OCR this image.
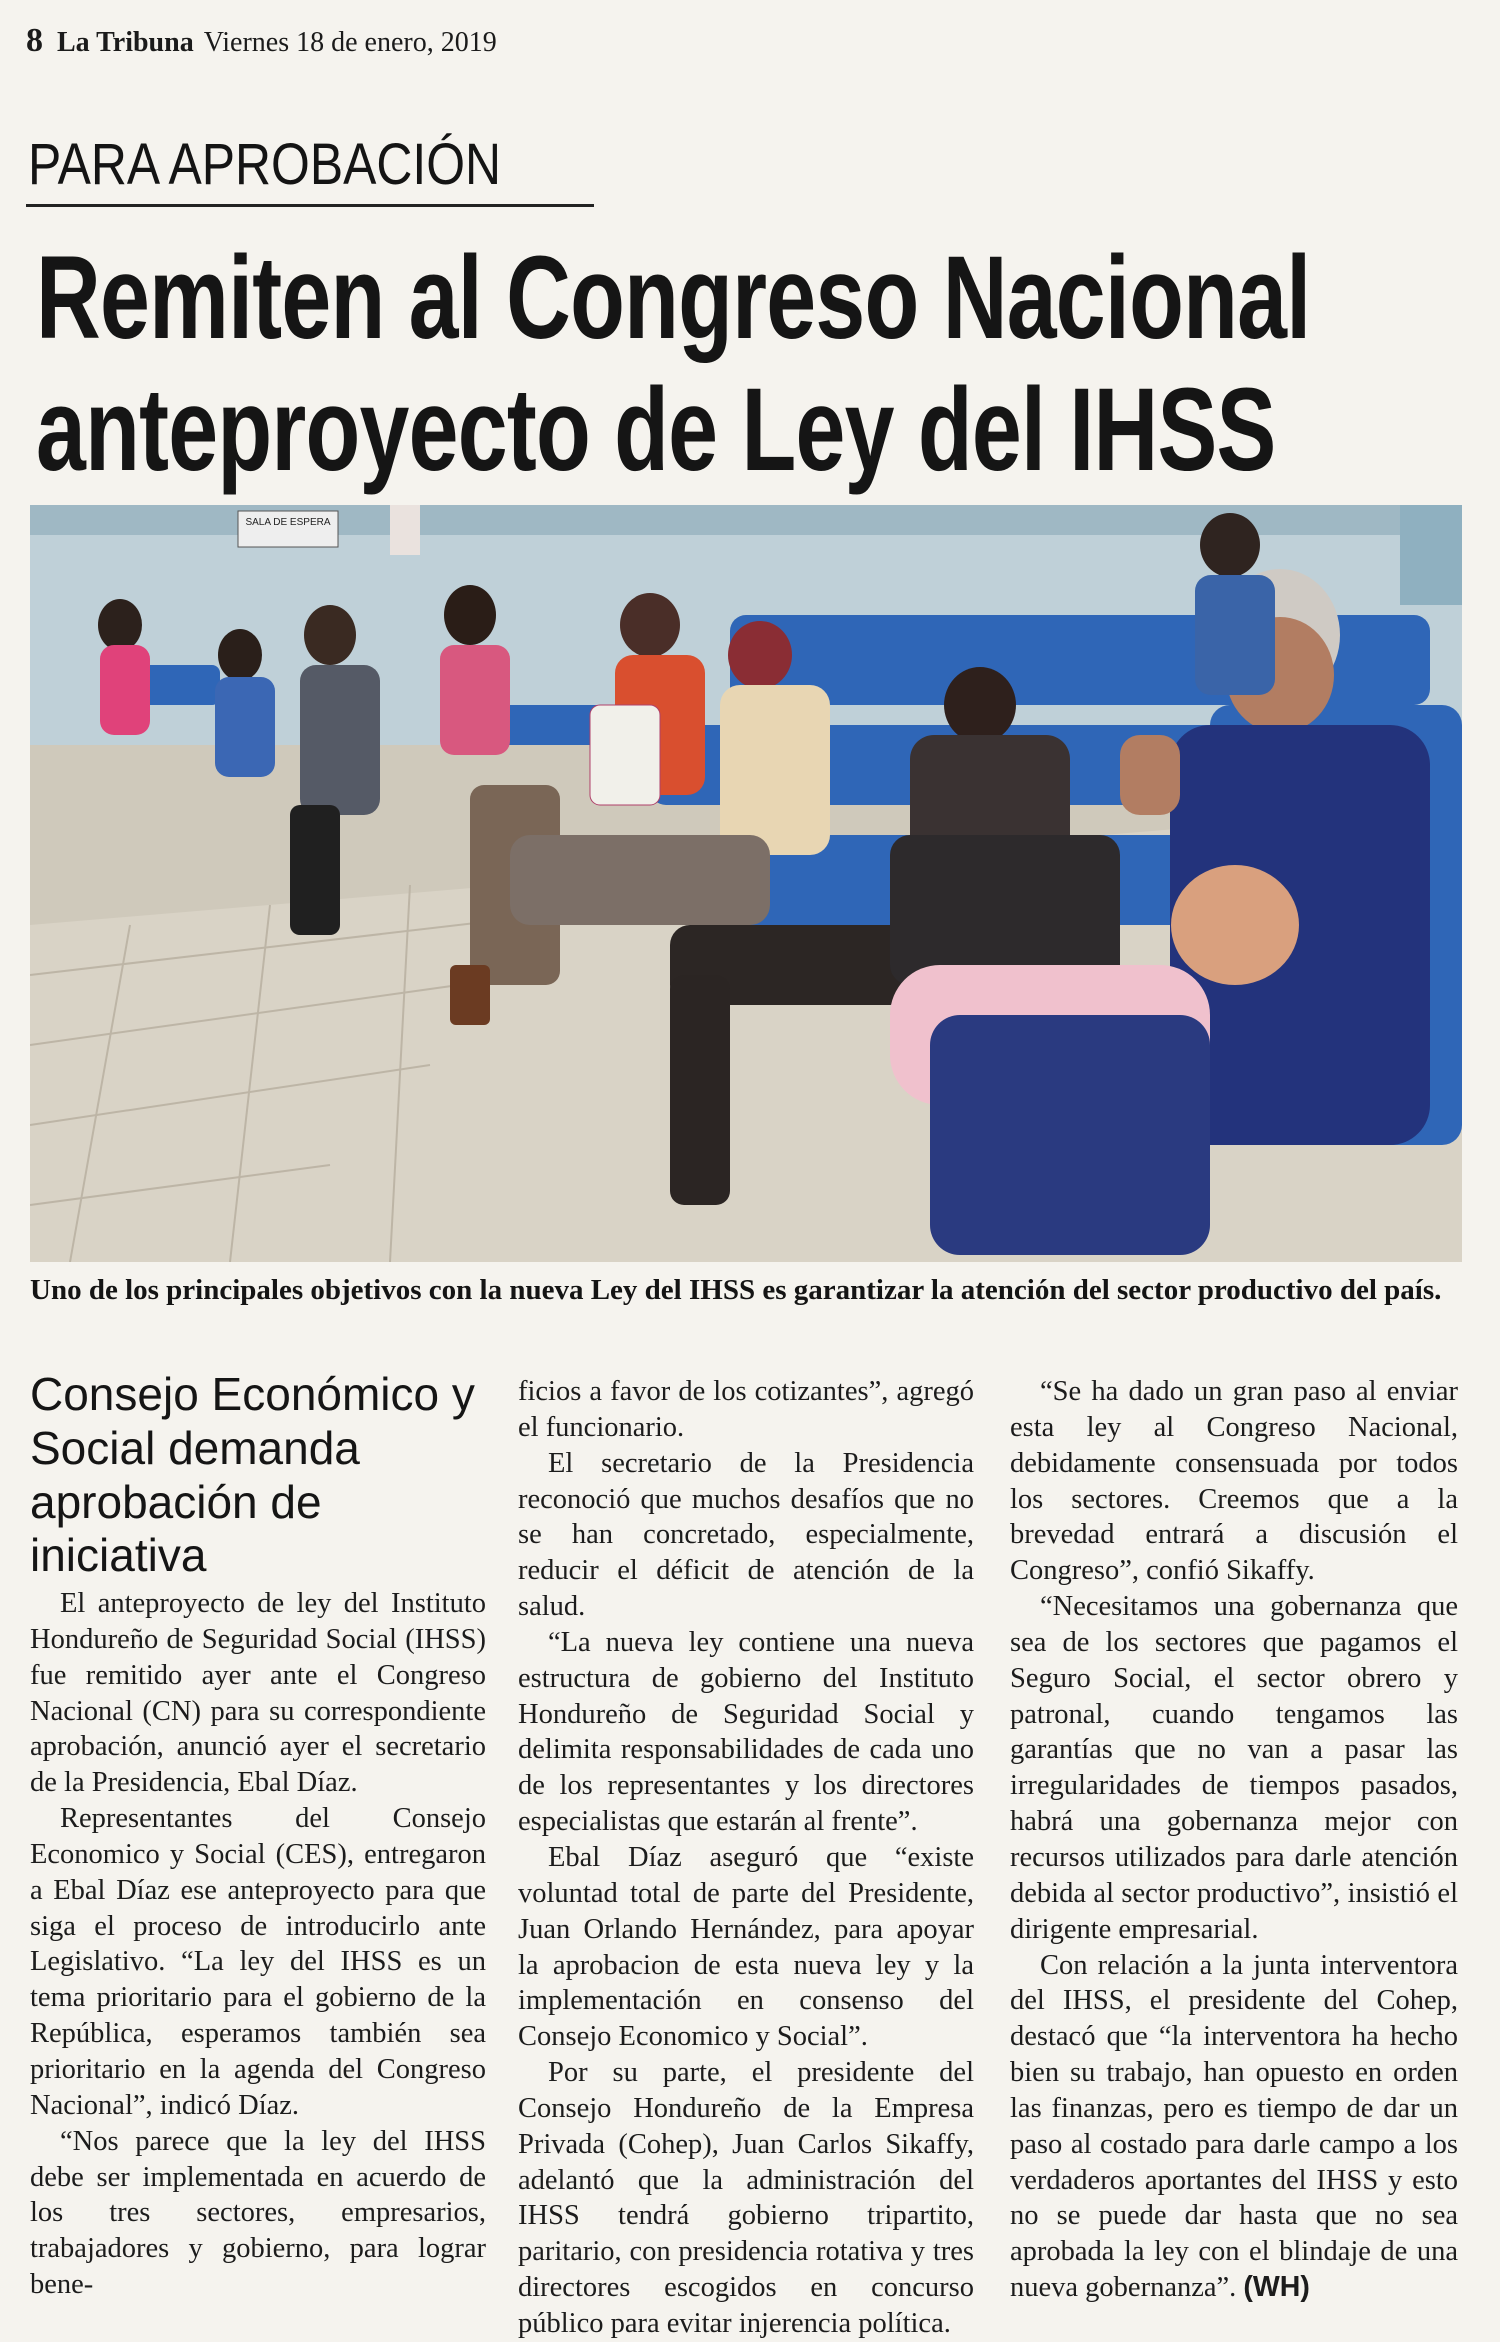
8 La Tribuna Viernes 18 de enero, 2019
PARA APROBACIÓN
Remiten al Congreso Nacional
anteproyecto de Ley del IHSS
SALA DE ESPERA
Uno de los principales objetivos con la nueva Ley del IHSS es garantizar la atención del sector productivo del país.
Consejo Económico y Social demanda aprobación de iniciativa

El anteproyecto de ley del Instituto Hondureño de Seguridad Social (IHSS) fue remitido ayer ante el Congreso Nacional (CN) para su correspondiente aprobación, anunció ayer el secretario de la Presidencia, Ebal Díaz.

Representantes del Consejo Economico y Social (CES), entregaron a Ebal Díaz ese anteproyecto para que siga el proceso de introducirlo ante Legislativo. “La ley del IHSS es un tema prioritario para el gobierno de la República, esperamos también sea prioritario en la agenda del Congreso Nacional”, indicó Díaz.

“Nos parece que la ley del IHSS debe ser implementada en acuerdo de los tres sectores, empresarios, trabajadores y gobierno, para lograr bene-

ficios a favor de los cotizantes”, agregó el funcionario.

El secretario de la Presidencia reconoció que muchos desafíos que no se han concretado, especialmente, reducir el déficit de atención de la salud.

“La nueva ley contiene una nueva estructura de gobierno del Instituto Hondureño de Seguridad Social y delimita responsabilidades de cada uno de los representantes y los directores especialistas que estarán al frente”.

Ebal Díaz aseguró que “existe voluntad total de parte del Presidente, Juan Orlando Hernández, para apoyar la aprobacion de esta nueva ley y la implementación en consenso del Consejo Economico y Social”.

Por su parte, el presidente del Consejo Hondureño de la Empresa Privada (Cohep), Juan Carlos Sikaffy, adelantó que la administración del IHSS tendrá gobierno tripartito, paritario, con presidencia rotativa y tres directores escogidos en concurso público para evitar injerencia política.

“Se ha dado un gran paso al enviar esta ley al Congreso Nacional, debidamente consensuada por todos los sectores. Creemos que a la brevedad entrará a discusión el Congreso”, confió Sikaffy.

“Necesitamos una gobernanza que sea de los sectores que pagamos el Seguro Social, el sector obrero y patronal, cuando tengamos las garantías que no van a pasar las irregularidades de tiempos pasados, habrá una gobernanza mejor con recursos utilizados para darle atención debida al sector productivo”, insistió el dirigente empresarial.

Con relación a la junta interventora del IHSS, el presidente del Cohep, destacó que “la interventora ha hecho bien su trabajo, han opuesto en orden las finanzas, pero es tiempo de dar un paso al costado para darle campo a los verdaderos aportantes del IHSS y esto no se puede dar hasta que no sea aprobada la ley con el blindaje de una nueva gobernanza”. (WH)
